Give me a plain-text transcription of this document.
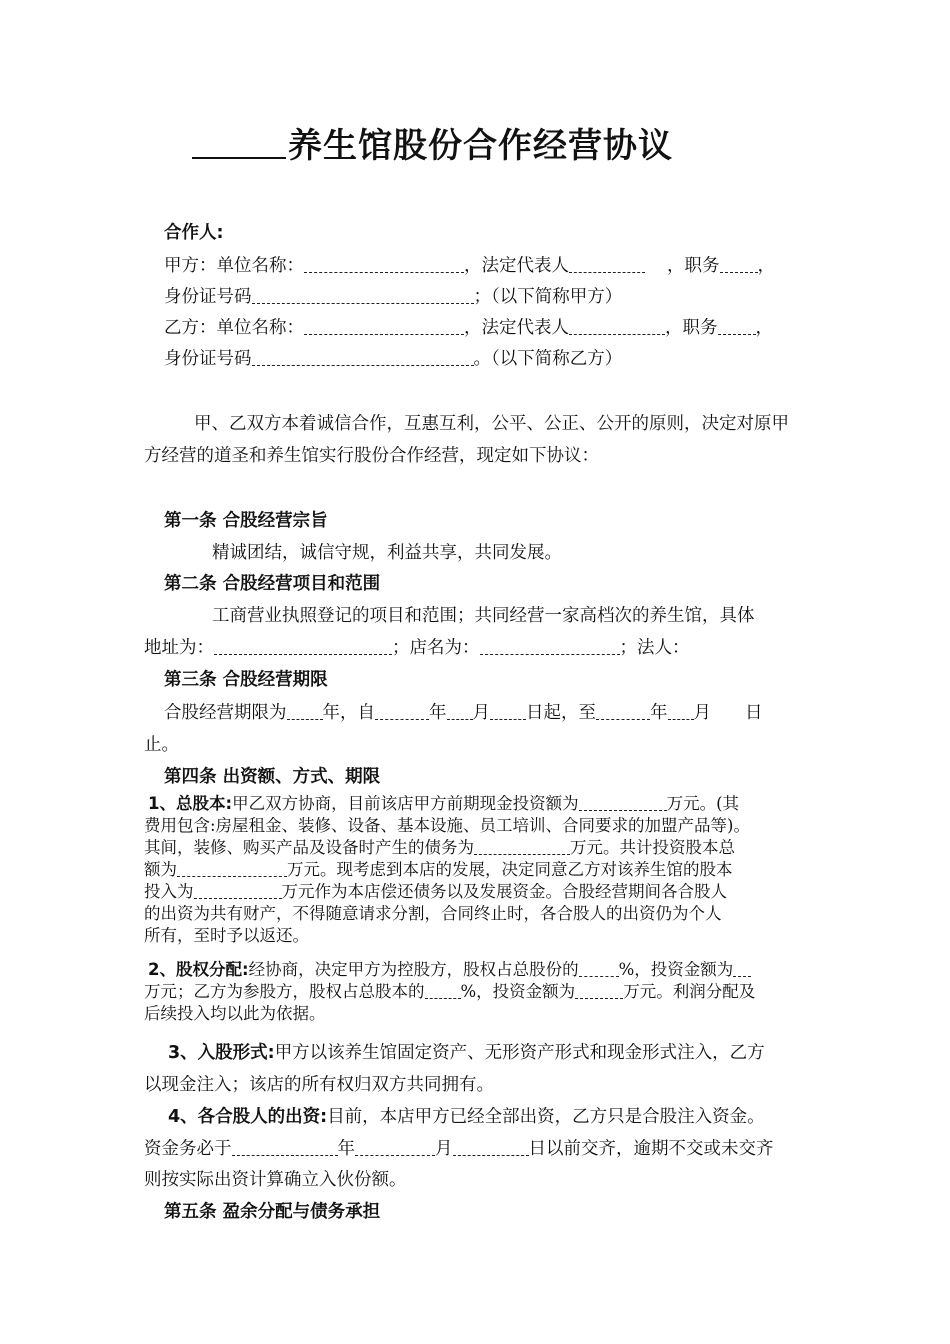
养生馆股份合作经营协议
合作人:
甲方：单位名称：	，法定代表人	，职务 ，
身份证号码	；（以下简称甲方）
乙方：单位名称：	，法定代表人	，职务 ，
身份证号码	。（以下简称乙方）
甲、乙双方本着诚信合作，互惠互利，公平、公正、公开的原则，决定对原甲
方经营的道圣和养生馆实行股份合作经营，现定如下协议：
第一条 合股经营宗旨
精诚团结，诚信守规，利益共享，共同发展。
第二条 合股经营项目和范围
工商营业执照登记的项目和范围；共同经营一家高档次的养生馆，具体
地址为：	；店名为：	；法人：
第三条 合股经营期限
合股经营期限为 年，自	年 月 日起，至	年 月 日
止。
第四条 出资额、方式、期限
1、总股本:甲乙双方协商，目前该店甲方前期现金投资额为	万元。(其
费用包含:房屋租金、装修、设备、基本设施、员工培训、合同要求的加盟产品等)。
其间，装修、购买产品及设备时产生的债务为	万元。共计投资股本总
额为	万元。现考虑到本店的发展，决定同意乙方对该养生馆的股本
投入为	万元作为本店偿还债务以及发展资金。合股经营期间各合股人
的出资为共有财产，不得随意请求分割，合同终止时，各合股人的出资仍为个人
所有，至时予以返还。
2、股权分配:经协商，决定甲方为控股方，股权占总股份的 %，投资金额为
万元；乙方为参股方，股权占总股本的 %，投资金额为	万元。利润分配及
后续投入均以此为依据。
3、入股形式:甲方以该养生馆固定资产、无形资产形式和现金形式注入，乙方
以现金注入；该店的所有权归双方共同拥有。
4、各合股人的出资:目前，本店甲方已经全部出资，乙方只是合股注入资金。
资金务必于	年	月	日以前交齐，逾期不交或未交齐
则按实际出资计算确立入伙份额。
第五条 盈余分配与债务承担
